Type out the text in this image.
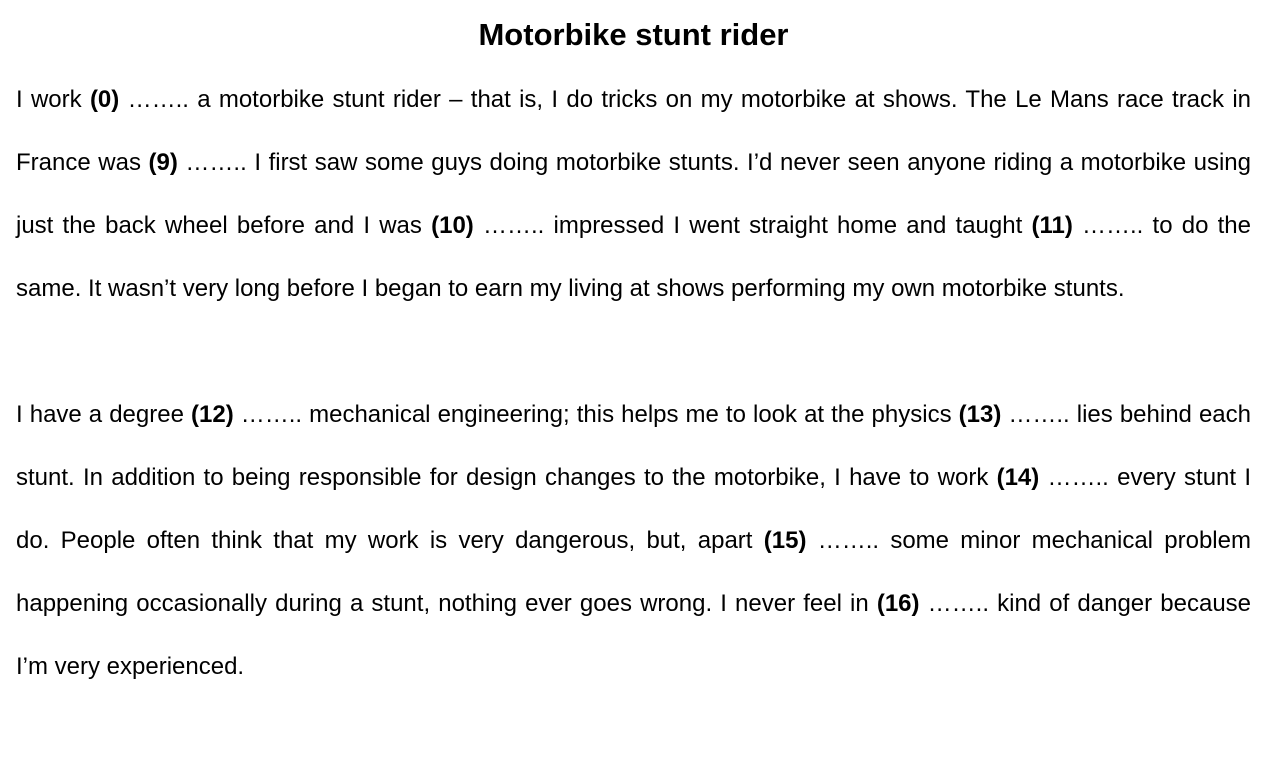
Motorbike stunt rider

I work (0) …….. a motorbike stunt rider – that is, I do tricks on my motorbike at shows. The Le Mans race track in France was (9) …….. I first saw some guys doing motorbike stunts. I’d never seen anyone riding a motorbike using just the back wheel before and I was (10) …….. impressed I went straight home and taught (11) …….. to do the same. It wasn’t very long before I began to earn my living at shows performing my own motorbike stunts.

I have a degree (12) …….. mechanical engineering; this helps me to look at the physics (13) …….. lies behind each stunt. In addition to being responsible for design changes to the motorbike, I have to work (14) …….. every stunt I do. People often think that my work is very dangerous, but, apart (15) …….. some minor mechanical problem happening occasionally during a stunt, nothing ever goes wrong. I never feel in (16) …….. kind of danger because I’m very experienced.
